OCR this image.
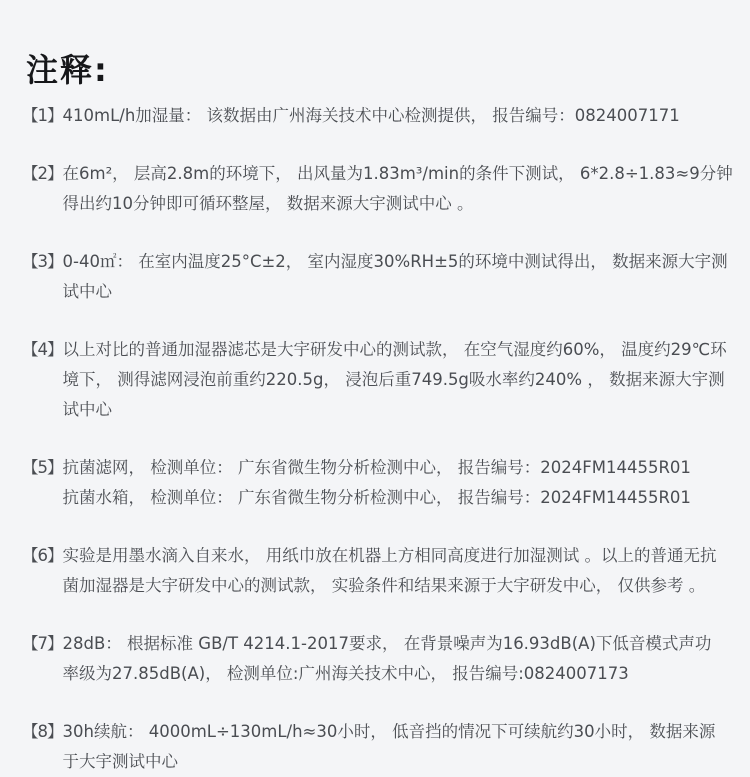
注释:
【1】 410mL/h加湿量： 该数据由广州海关技术中心检测提供， 报告编号：0824007171
【2】 在6m²， 层高2.8m的环境下， 出风量为1.83m³/min的条件下测试， 6*2.8÷1.83≈9分钟
得出约10分钟即可循环整屋， 数据来源大宇测试中心 。
【3】 0-40㎡： 在室内温度25°C±2， 室内湿度30%RH±5的环境中测试得出， 数据来源大宇测
试中心
【4】 以上对比的普通加湿器滤芯是大宇研发中心的测试款， 在空气湿度约60%， 温度约29℃环
境下， 测得滤网浸泡前重约220.5g， 浸泡后重749.5g吸水率约240% ， 数据来源大宇测
试中心
【5】 抗菌滤网， 检测单位： 广东省微生物分析检测中心， 报告编号：2024FM14455R01
抗菌水箱， 检测单位： 广东省微生物分析检测中心， 报告编号：2024FM14455R01
【6】 实验是用墨水滴入自来水， 用纸巾放在机器上方相同高度进行加湿测试 。以上的普通无抗
菌加湿器是大宇研发中心的测试款， 实验条件和结果来源于大宇研发中心， 仅供参考 。
【7】 28dB： 根据标准 GB/T 4214.1-2017要求， 在背景噪声为16.93dB(A)下低音模式声功
率级为27.85dB(A)， 检测单位:广州海关技术中心， 报告编号:0824007173
【8】 30h续航： 4000mL÷130mL/h≈30小时， 低音挡的情况下可续航约30小时， 数据来源
于大宇测试中心
